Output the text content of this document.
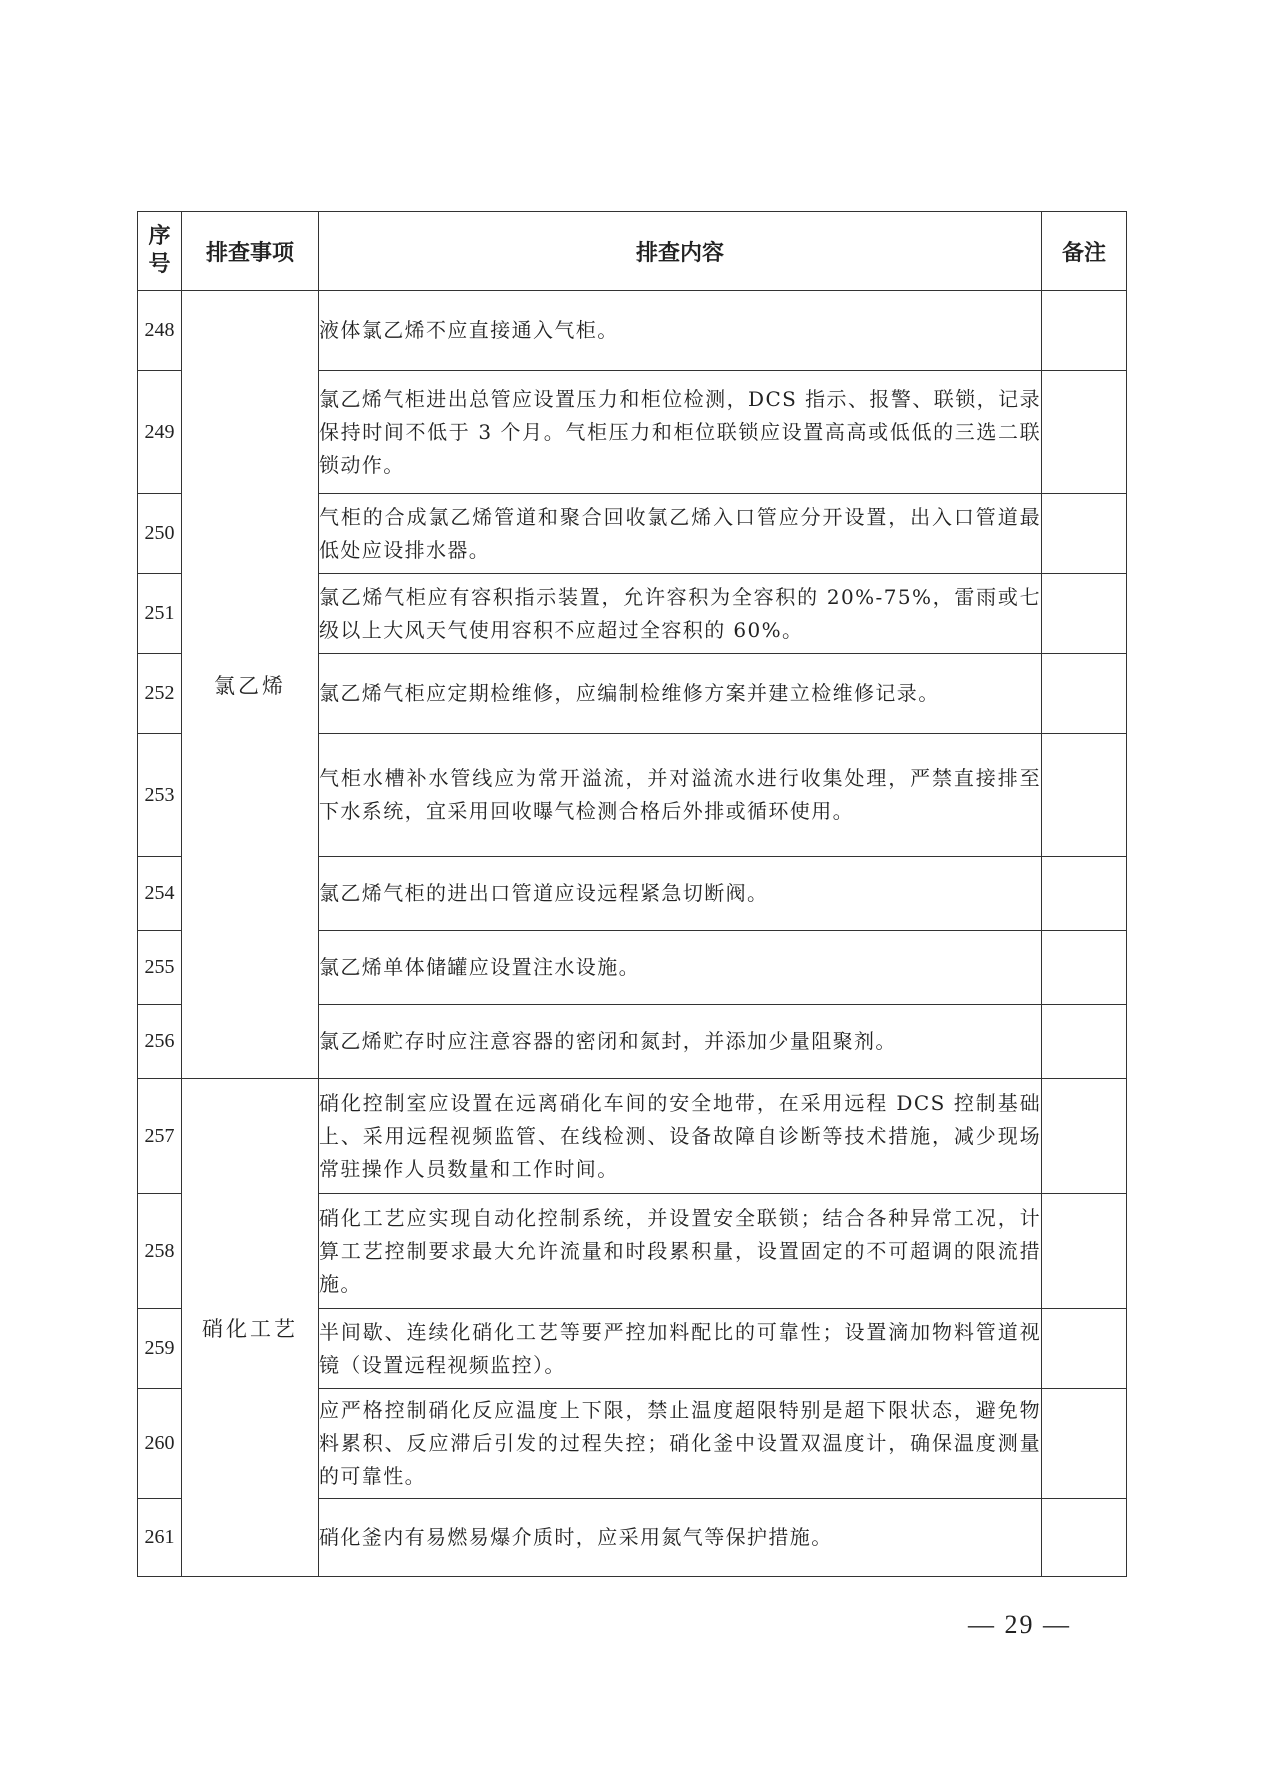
序
号	排查事项	排查内容	备注
248	氯乙烯	液体氯乙烯不应直接通入气柜。	
249		氯乙烯气柜进出总管应设置压力和柜位检测，DCS 指示、报警、联锁，记录保持时间不低于 3 个月。气柜压力和柜位联锁应设置高高或低低的三选二联锁动作。	
250		气柜的合成氯乙烯管道和聚合回收氯乙烯入口管应分开设置，出入口管道最低处应设排水器。	
251		氯乙烯气柜应有容积指示装置，允许容积为全容积的 20%-75%，雷雨或七级以上大风天气使用容积不应超过全容积的 60%。	
252		氯乙烯气柜应定期检维修，应编制检维修方案并建立检维修记录。	
253		气柜水槽补水管线应为常开溢流，并对溢流水进行收集处理，严禁直接排至下水系统，宜采用回收曝气检测合格后外排或循环使用。	
254		氯乙烯气柜的进出口管道应设远程紧急切断阀。	
255		氯乙烯单体储罐应设置注水设施。	
256		氯乙烯贮存时应注意容器的密闭和氮封，并添加少量阻聚剂。	
257	硝化工艺	硝化控制室应设置在远离硝化车间的安全地带，在采用远程 DCS 控制基础上、采用远程视频监管、在线检测、设备故障自诊断等技术措施，减少现场常驻操作人员数量和工作时间。	
258		硝化工艺应实现自动化控制系统，并设置安全联锁；结合各种异常工况，计算工艺控制要求最大允许流量和时段累积量，设置固定的不可超调的限流措施。	
259		半间歇、连续化硝化工艺等要严控加料配比的可靠性；设置滴加物料管道视镜（设置远程视频监控）。	
260		应严格控制硝化反应温度上下限，禁止温度超限特别是超下限状态，避免物料累积、反应滞后引发的过程失控；硝化釜中设置双温度计，确保温度测量的可靠性。	
261		硝化釜内有易燃易爆介质时，应采用氮气等保护措施。	
— 29 —
